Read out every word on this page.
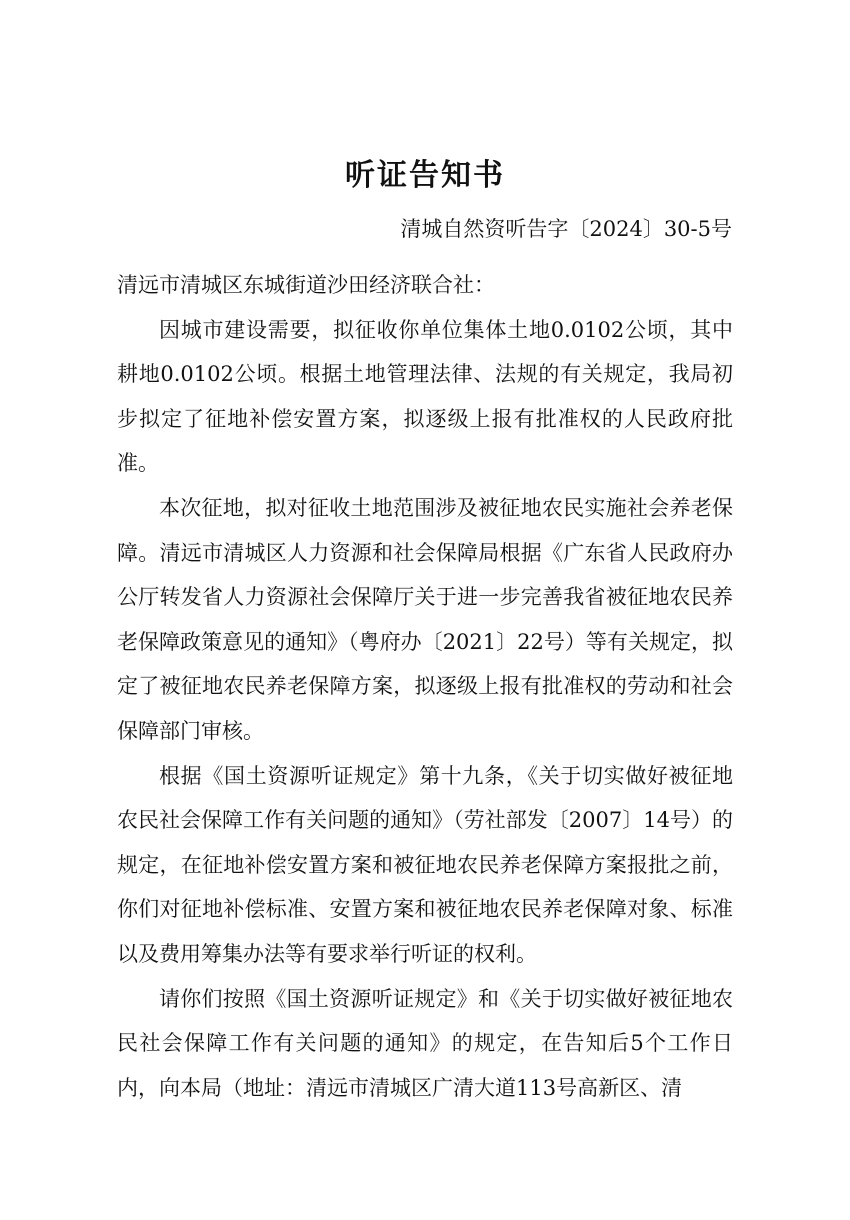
听证告知书
清城自然资听告字〔2024〕30-5号

清远市清城区东城街道沙田经济联合社：

因城市建设需要，拟征收你单位集体土地0.0102公顷，其中耕地0.0102公顷。根据土地管理法律、法规的有关规定，我局初步拟定了征地补偿安置方案，拟逐级上报有批准权的人民政府批准。

本次征地，拟对征收土地范围涉及被征地农民实施社会养老保障。清远市清城区人力资源和社会保障局根据《广东省人民政府办公厅转发省人力资源社会保障厅关于进一步完善我省被征地农民养老保障政策意见的通知》（粤府办〔2021〕22号）等有关规定，拟定了被征地农民养老保障方案，拟逐级上报有批准权的劳动和社会保障部门审核。

根据《国土资源听证规定》第十九条，《关于切实做好被征地农民社会保障工作有关问题的通知》（劳社部发〔2007〕14号）的规定，在征地补偿安置方案和被征地农民养老保障方案报批之前，你们对征地补偿标准、安置方案和被征地农民养老保障对象、标准以及费用筹集办法等有要求举行听证的权利。

请你们按照《国土资源听证规定》和《关于切实做好被征地农民社会保障工作有关问题的通知》的规定，在告知后5个工作日内，向本局（地址：清远市清城区广清大道113号高新区、清
